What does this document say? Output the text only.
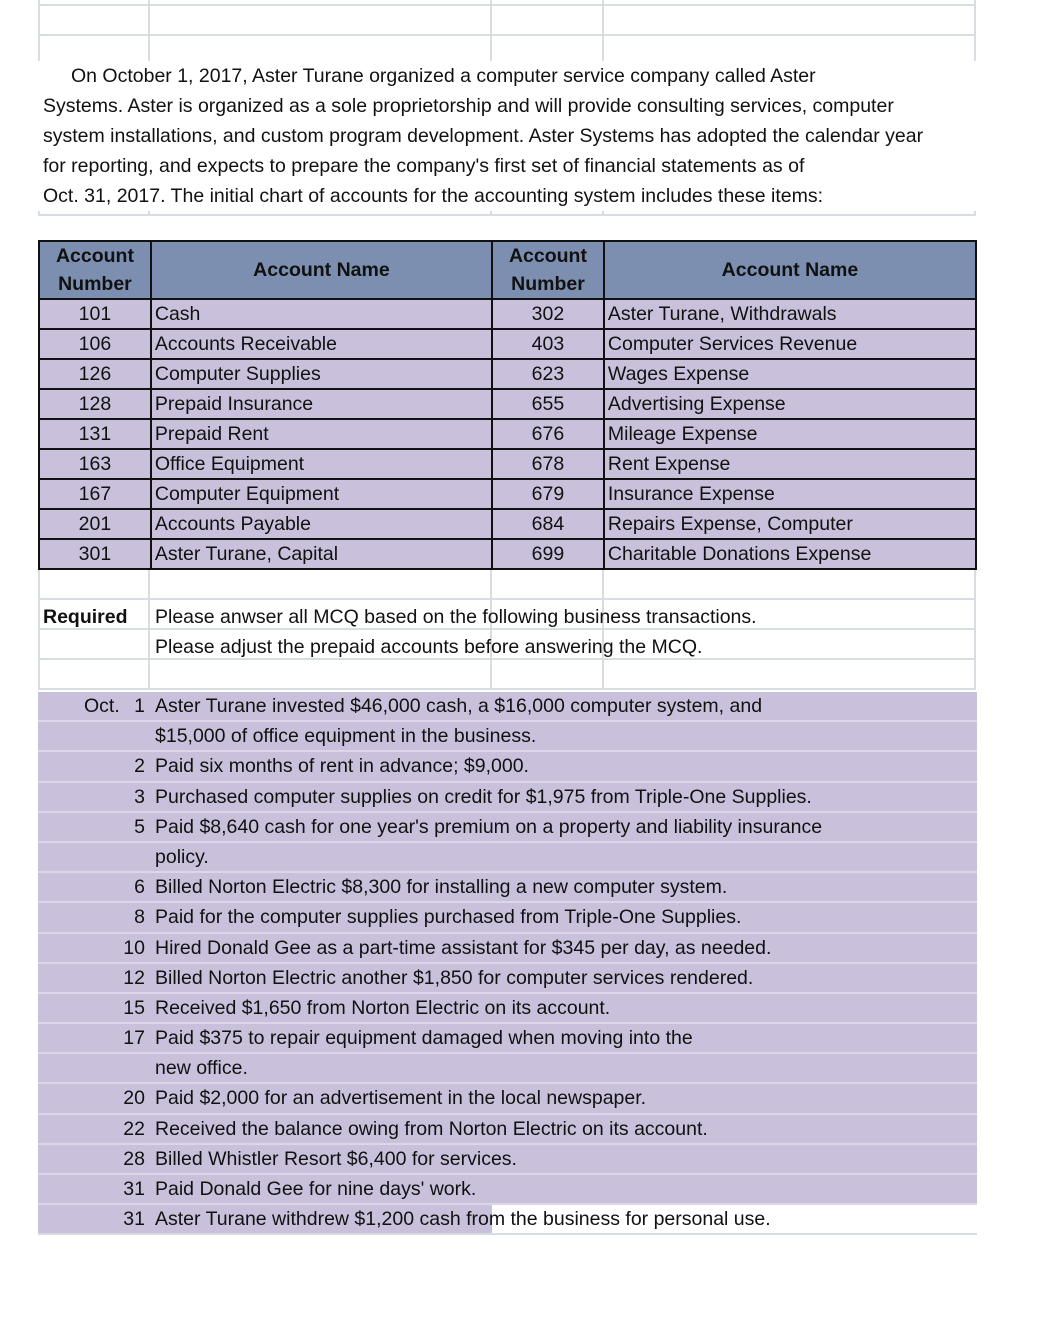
On October 1, 2017, Aster Turane organized a computer service company called Aster
Systems. Aster is organized as a sole proprietorship and will provide consulting services, computer
system installations, and custom program development. Aster Systems has adopted the calendar year
for reporting, and expects to prepare the company's first set of financial statements as of
Oct. 31, 2017. The initial chart of accounts for the accounting system includes these items:
Account
Number	Account Name	Account
Number	Account Name
101	Cash	302	Aster Turane, Withdrawals
106	Accounts Receivable	403	Computer Services Revenue
126	Computer Supplies	623	Wages Expense
128	Prepaid Insurance	655	Advertising Expense
131	Prepaid Rent	676	Mileage Expense
163	Office Equipment	678	Rent Expense
167	Computer Equipment	679	Insurance Expense
201	Accounts Payable	684	Repairs Expense, Computer
301	Aster Turane, Capital	699	Charitable Donations Expense
Required Please anwser all MCQ based on the following business transactions.
Please adjust the prepaid accounts before answering the MCQ.
Oct. 1 Aster Turane invested $46,000 cash, a $16,000 computer system, and
$15,000 of office equipment in the business.
2 Paid six months of rent in advance; $9,000.
3 Purchased computer supplies on credit for $1,975 from Triple-One Supplies.
5 Paid $8,640 cash for one year's premium on a property and liability insurance
policy.
6 Billed Norton Electric $8,300 for installing a new computer system.
8 Paid for the computer supplies purchased from Triple-One Supplies.
10 Hired Donald Gee as a part-time assistant for $345 per day, as needed.
12 Billed Norton Electric another $1,850 for computer services rendered.
15 Received $1,650 from Norton Electric on its account.
17 Paid $375 to repair equipment damaged when moving into the
new office.
20 Paid $2,000 for an advertisement in the local newspaper.
22 Received the balance owing from Norton Electric on its account.
28 Billed Whistler Resort $6,400 for services.
31 Paid Donald Gee for nine days' work.
31 Aster Turane withdrew $1,200 cash from the business for personal use.
